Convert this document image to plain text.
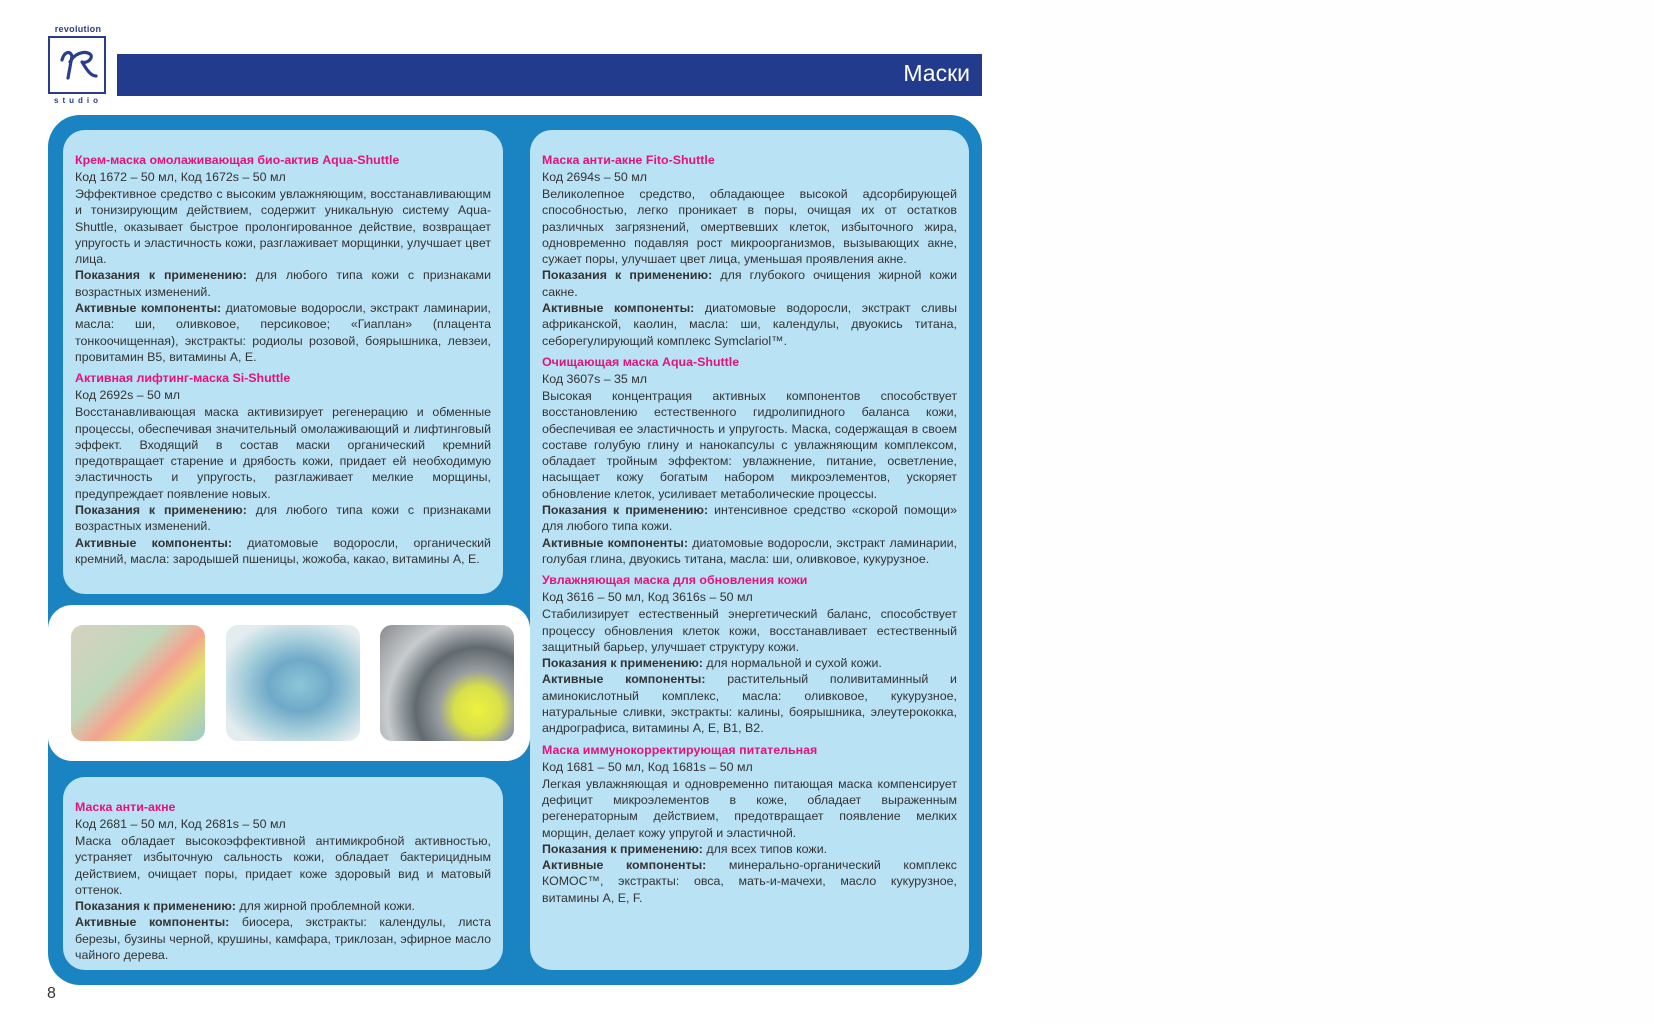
revolution
studio
Маски
Крем-маска омолаживающая био-актив Aqua-Shuttle
Код 1672 – 50 мл, Код 1672s – 50 мл
Эффективное средство с высоким увлажняющим, восстанавливающим и тонизирующим действием, содержит уникальную систему Aqua-Shuttle, оказывает быстрое пролонгированное действие, возвращает упругость и эластичность кожи, разглаживает морщинки, улучшает цвет лица.
Показания к применению: для любого типа кожи с признаками возрастных изменений.
Активные компоненты: диатомовые водоросли, экстракт ламинарии, масла: ши, оливковое, персиковое; «Гиаплан» (плацента тонкоочищенная), экстракты: родиолы розовой, боярышника, левзеи, провитамин В5, витамины А, Е.
Активная лифтинг-маска Si-Shuttle
Код 2692s – 50 мл
Восстанавливающая маска активизирует регенерацию и обменные процессы, обеспечивая значительный омолаживающий и лифтинговый эффект. Входящий в состав маски органический кремний предотвращает старение и дрябость кожи, придает ей необходимую эластичность и упругость, разглаживает мелкие морщины, предупреждает появление новых.
Показания к применению: для любого типа кожи с признаками возрастных изменений.
Активные компоненты: диатомовые водоросли, органический кремний, масла: зародышей пшеницы, жожоба, какао, витамины А, Е.
Маска анти-акне
Код 2681 – 50 мл, Код 2681s – 50 мл
Маска обладает высокоэффективной антимикробной активностью, устраняет избыточную сальность кожи, обладает бактерицидным действием, очищает поры, придает коже здоровый вид и матовый оттенок.
Показания к применению: для жирной проблемной кожи.
Активные компоненты: биосера, экстракты: календулы, листа березы, бузины черной, крушины, камфара, триклозан, эфирное масло чайного дерева.
Маска анти-акне Fito-Shuttle
Код 2694s – 50 мл
Великолепное средство, обладающее высокой адсорбирующей способностью, легко проникает в поры, очищая их от остатков различных загрязнений, омертвевших клеток, избыточного жира, одновременно подавляя рост микроорганизмов, вызывающих акне, сужает поры, улучшает цвет лица, уменьшая проявления акне.
Показания к применению: для глубокого очищения жирной кожи сакне.
Активные компоненты: диатомовые водоросли, экстракт сливы африканской, каолин, масла: ши, календулы, двуокись титана, себорегулирующий комплекс Symclariol™.
Очищающая маска Aqua-Shuttle
Код 3607s – 35 мл
Высокая концентрация активных компонентов способствует восстановлению естественного гидролипидного баланса кожи, обеспечивая ее эластичность и упругость. Маска, содержащая в своем составе голубую глину и нанокапсулы с увлажняющим комплексом, обладает тройным эффектом: увлажнение, питание, осветление, насыщает кожу богатым набором микроэлементов, ускоряет обновление клеток, усиливает метаболические процессы.
Показания к применению: интенсивное средство «скорой помощи» для любого типа кожи.
Активные компоненты: диатомовые водоросли, экстракт ламинарии, голубая глина, двуокись титана, масла: ши, оливковое, кукурузное.
Увлажняющая маска для обновления кожи
Код 3616 – 50 мл, Код 3616s – 50 мл
Стабилизирует естественный энергетический баланс, способствует процессу обновления клеток кожи, восстанавливает естественный защитный барьер, улучшает структуру кожи.
Показания к применению: для нормальной и сухой кожи.
Активные компоненты: растительный поливитаминный и аминокислотный комплекс, масла: оливковое, кукурузное, натуральные сливки, экстракты: калины, боярышника, элеутерококка, андрографиса, витамины А, Е, В1, В2.
Маска иммунокорректирующая питательная
Код 1681 – 50 мл, Код 1681s – 50 мл
Легкая увлажняющая и одновременно питающая маска компенсирует дефицит микроэлементов в коже, обладает выраженным регенераторным действием, предотвращает появление мелких морщин, делает кожу упругой и эластичной.
Показания к применению: для всех типов кожи.
Активные компоненты: минерально-органический комплекс КОМОС™, экстракты: овса, мать-и-мачехи, масло кукурузное, витамины А, Е, F.
8
